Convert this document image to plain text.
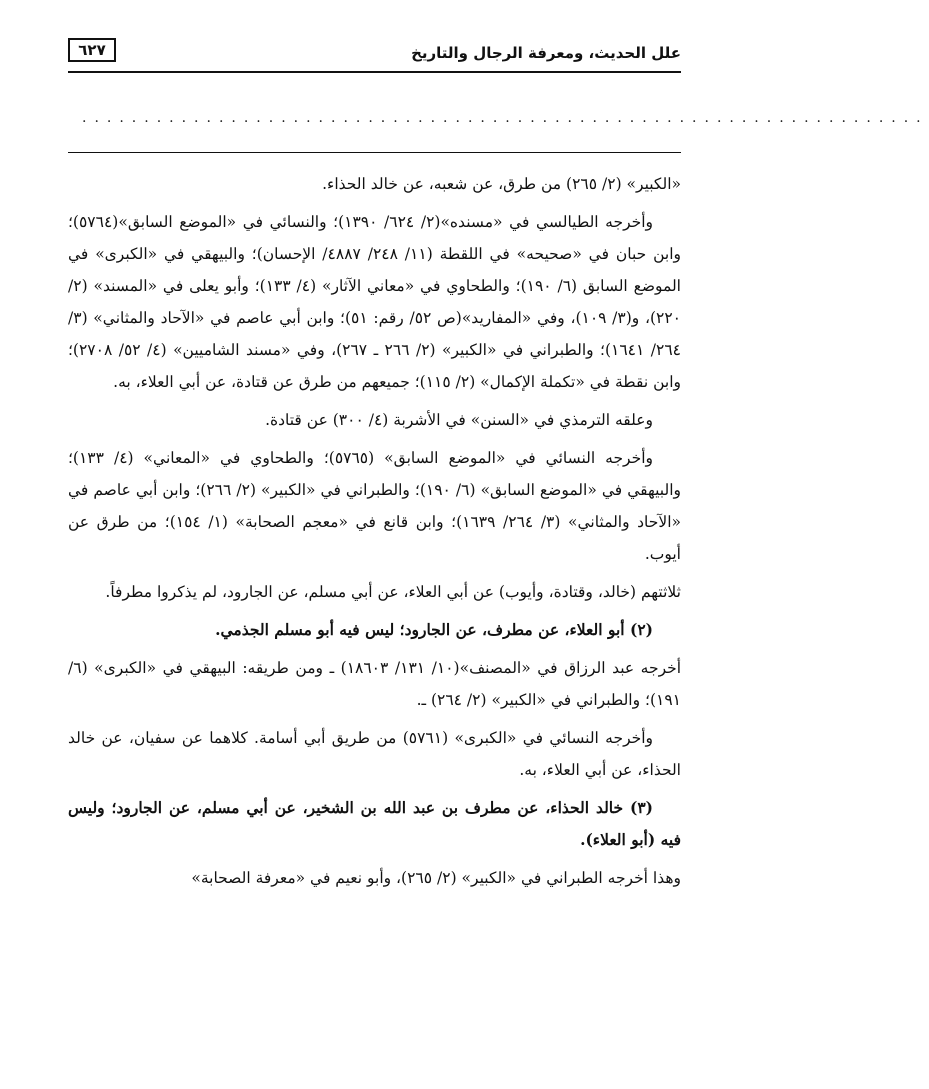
علل الحديث، ومعرفة الرجال والتاريخ
٦٢٧
....................................................................

«الكبير» (٢/ ٢٦٥) من طرق، عن شعبه، عن خالد الحذاء.

وأخرجه الطيالسي في «مسنده»(٢/ ٦٢٤/ ١٣٩٠)؛ والنسائي في «الموضع السابق»(٥٧٦٤)؛ وابن حبان في «صحيحه» في اللقطة (١١/ ٢٤٨/ ٤٨٨٧/ الإحسان)؛ والبيهقي في «الكبرى» في الموضع السابق (٦/ ١٩٠)؛ والطحاوي في «معاني الآثار» (٤/ ١٣٣)؛ وأبو يعلى في «المسند» (٢/ ٢٢٠)، و(٣/ ١٠٩)، وفي «المفاريد»(ص ٥٢/ رقم: ٥١)؛ وابن أبي عاصم في «الآحاد والمثاني» (٣/ ٢٦٤/ ١٦٤١)؛ والطبراني في «الكبير» (٢/ ٢٦٦ ـ ٢٦٧)، وفي «مسند الشاميين» (٤/ ٥٢/ ٢٧٠٨)؛ وابن نقطة في «تكملة الإكمال» (٢/ ١١٥)؛ جميعهم من طرق عن قتادة، عن أبي العلاء، به.

وعلقه الترمذي في «السنن» في الأشربة (٤/ ٣٠٠) عن قتادة.

وأخرجه النسائي في «الموضع السابق» (٥٧٦٥)؛ والطحاوي في «المعاني» (٤/ ١٣٣)؛ والبيهقي في «الموضع السابق» (٦/ ١٩٠)؛ والطبراني في «الكبير» (٢/ ٢٦٦)؛ وابن أبي عاصم في «الآحاد والمثاني» (٣/ ٢٦٤/ ١٦٣٩)؛ وابن قانع في «معجم الصحابة» (١/ ١٥٤)؛ من طرق عن أيوب.

ثلاثتهم (خالد، وقتادة، وأيوب) عن أبي العلاء، عن أبي مسلم، عن الجارود، لم يذكروا مطرفاً.

(٢) أبو العلاء، عن مطرف، عن الجارود؛ ليس فيه أبو مسلم الجذمي.

أخرجه عبد الرزاق في «المصنف»(١٠/ ١٣١/ ١٨٦٠٣) ـ ومن طريقه: البيهقي في «الكبرى» (٦/ ١٩١)؛ والطبراني في «الكبير» (٢/ ٢٦٤) ـ.

وأخرجه النسائي في «الكبرى» (٥٧٦١) من طريق أبي أسامة. كلاهما عن سفيان، عن خالد الحذاء، عن أبي العلاء، به.

(٣) خالد الحذاء، عن مطرف بن عبد الله بن الشخير، عن أبي مسلم، عن الجارود؛ وليس فيه (أبو العلاء).

وهذا أخرجه الطبراني في «الكبير» (٢/ ٢٦٥)، وأبو نعيم في «معرفة الصحابة»
